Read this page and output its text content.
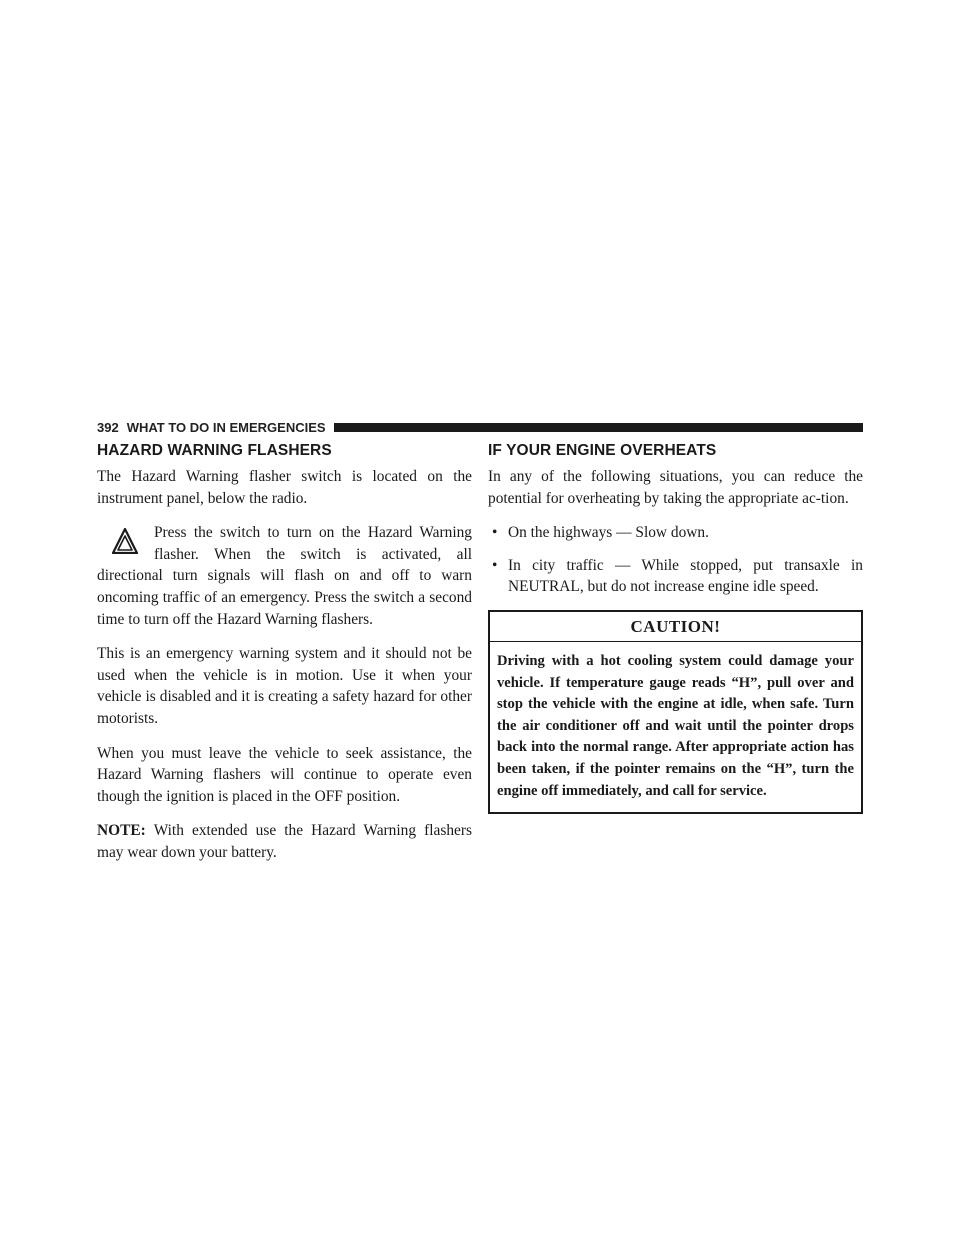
392 WHAT TO DO IN EMERGENCIES
HAZARD WARNING FLASHERS

The Hazard Warning flasher switch is located on the instrument panel, below the radio.

Press the switch to turn on the Hazard Warning flasher. When the switch is activated, all directional turn signals will flash on and off to warn oncoming traffic of an emergency. Press the switch a second time to turn off the Hazard Warning flashers.

This is an emergency warning system and it should not be used when the vehicle is in motion. Use it when your vehicle is disabled and it is creating a safety hazard for other motorists.

When you must leave the vehicle to seek assistance, the Hazard Warning flashers will continue to operate even though the ignition is placed in the OFF position.

NOTE: With extended use the Hazard Warning flashers may wear down your battery.

IF YOUR ENGINE OVERHEATS

In any of the following situations, you can reduce the potential for overheating by taking the appropriate ac-tion.

• On the highways — Slow down.
• In city traffic — While stopped, put transaxle in NEUTRAL, but do not increase engine idle speed.
CAUTION!
Driving with a hot cooling system could damage your vehicle. If temperature gauge reads “H”, pull over and stop the vehicle with the engine at idle, when safe. Turn the air conditioner off and wait until the pointer drops back into the normal range. After appropriate action has been taken, if the pointer remains on the “H”, turn the engine off immediately, and call for service.
